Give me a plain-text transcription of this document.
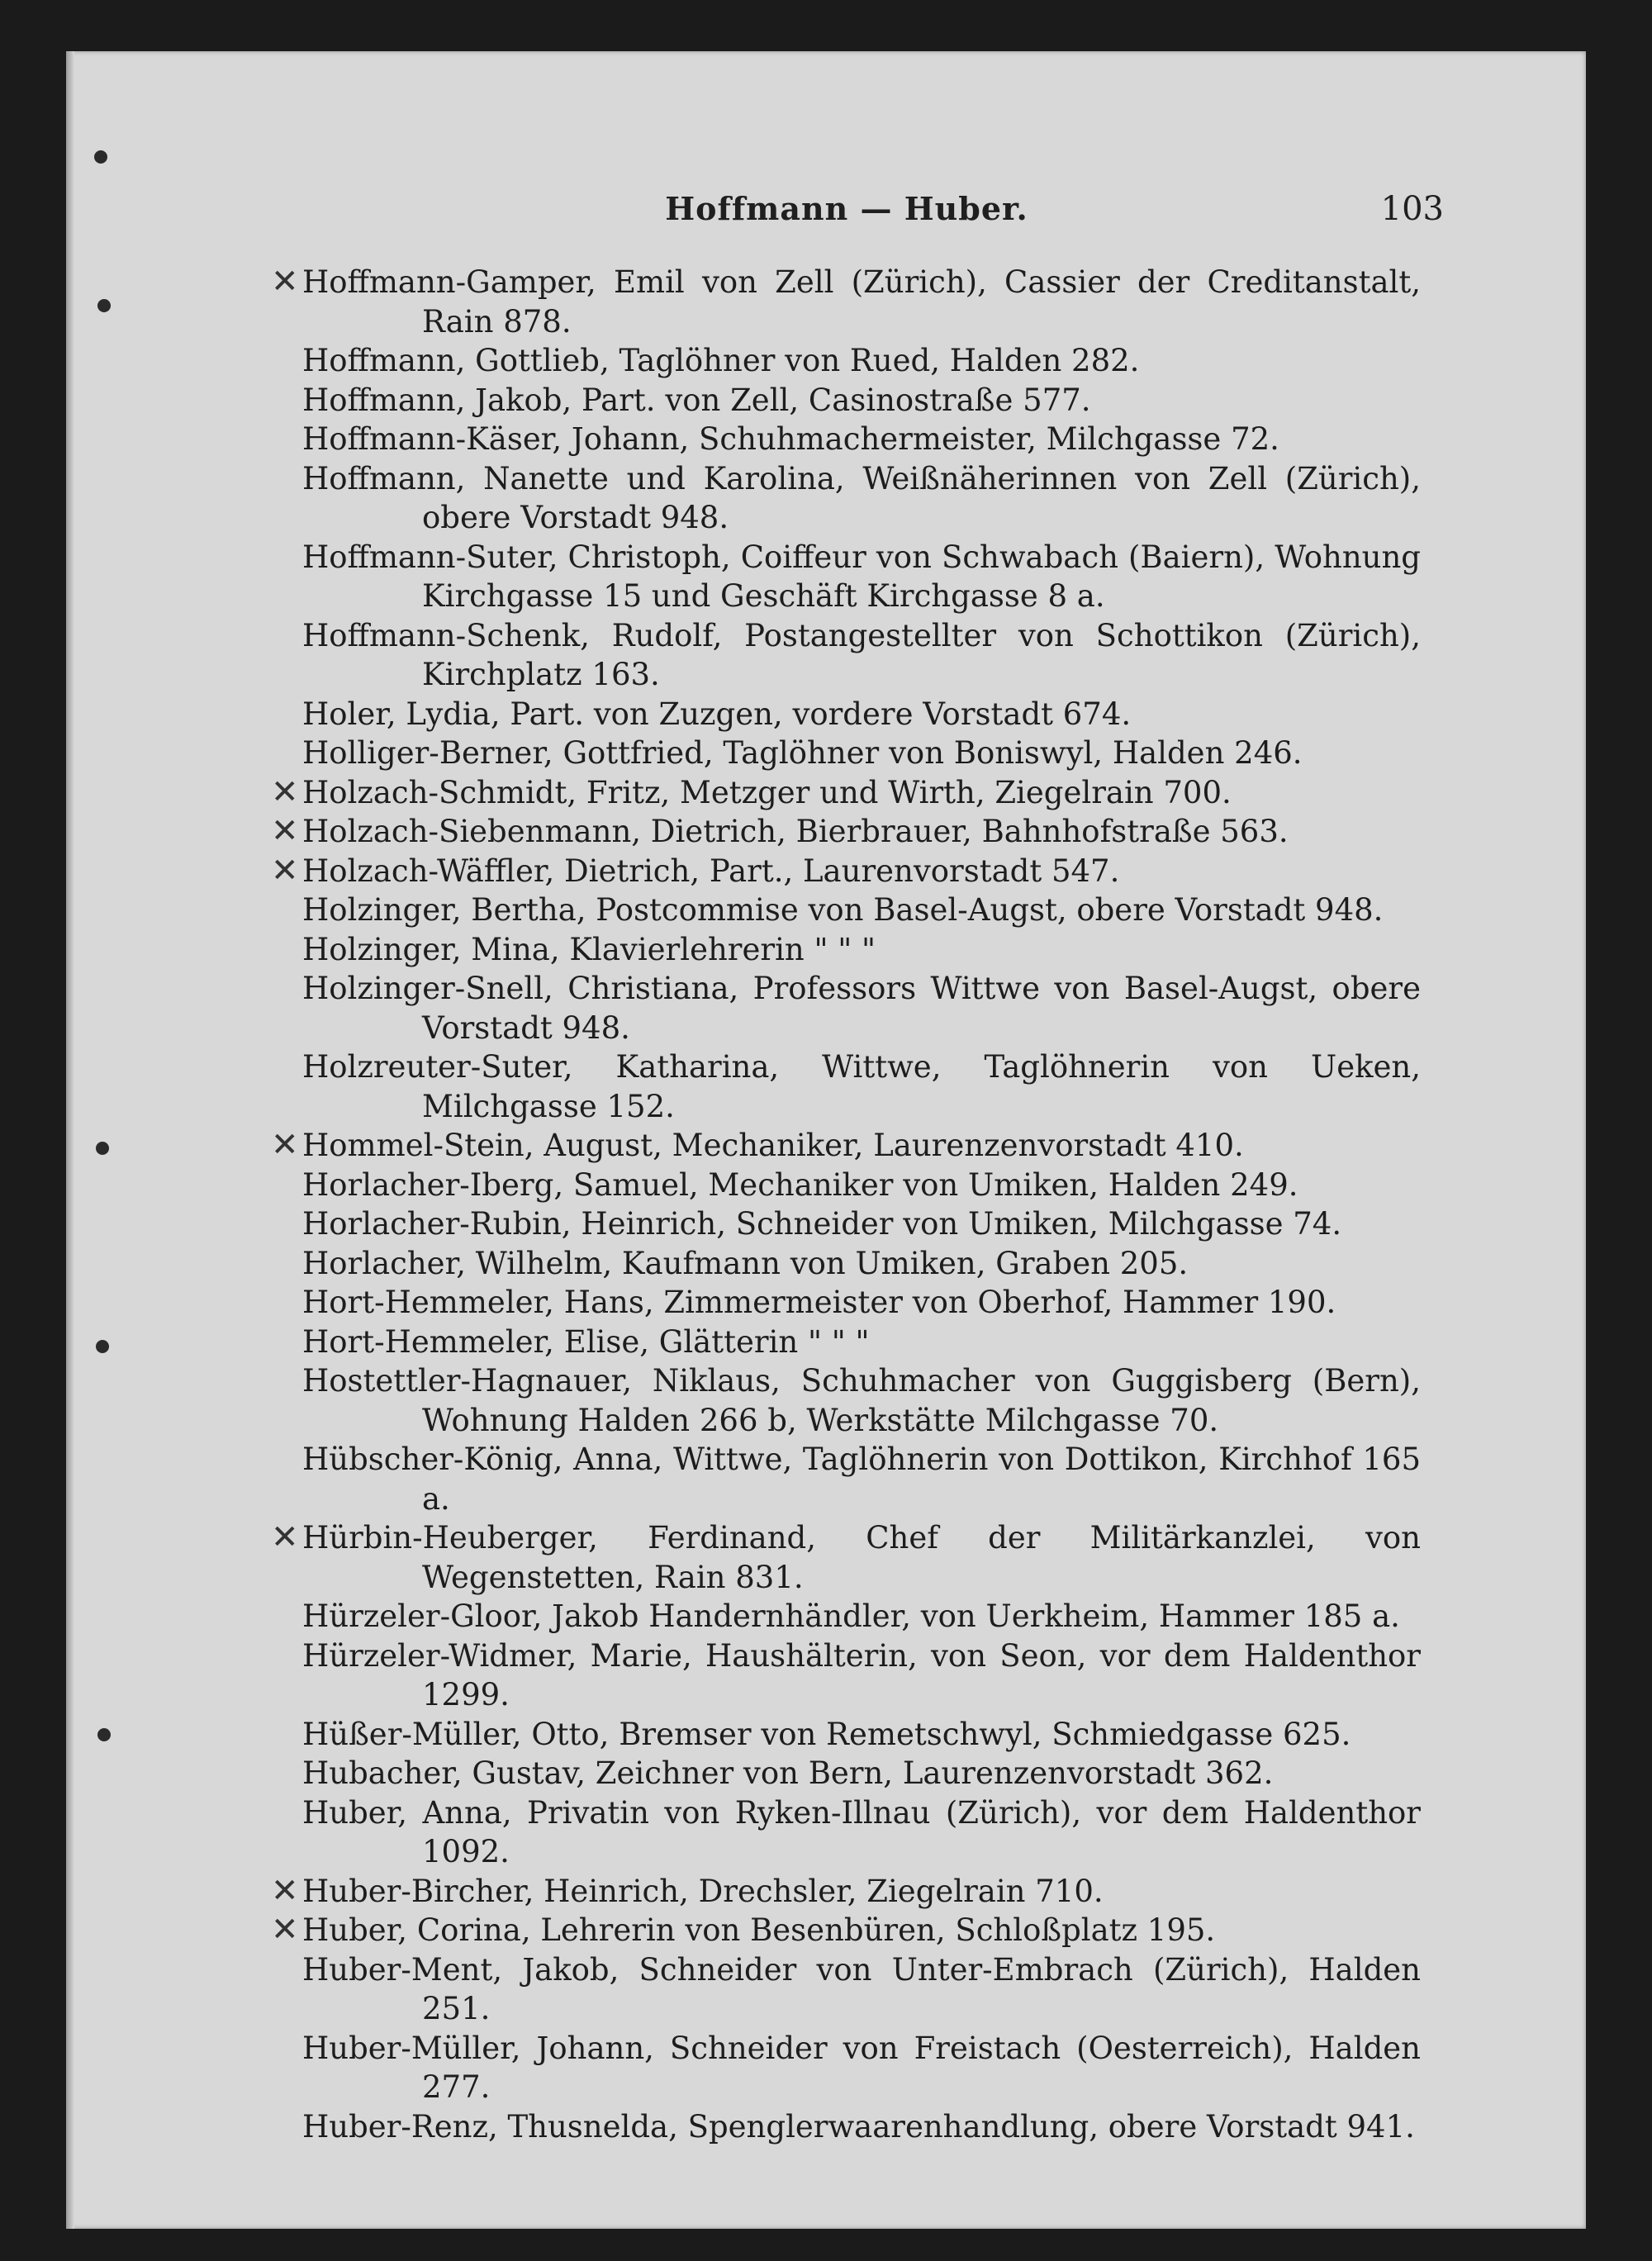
Hoffmann — Huber.	103

✕ Hoffmann-Gamper, Emil von Zell (Zürich), Cassier der Creditanstalt, Rain 878.

Hoffmann, Gottlieb, Taglöhner von Rued, Halden 282.

Hoffmann, Jakob, Part. von Zell, Casinostraße 577.

Hoffmann-Käser, Johann, Schuhmachermeister, Milchgasse 72.

Hoffmann, Nanette und Karolina, Weißnäherinnen von Zell (Zürich), obere Vorstadt 948.

Hoffmann-Suter, Christoph, Coiffeur von Schwabach (Baiern), Wohnung Kirchgasse 15 und Geschäft Kirchgasse 8 a.

Hoffmann-Schenk, Rudolf, Postangestellter von Schottikon (Zürich), Kirchplatz 163.

Holer, Lydia, Part. von Zuzgen, vordere Vorstadt 674.

Holliger-Berner, Gottfried, Taglöhner von Boniswyl, Halden 246.

✕ Holzach-Schmidt, Fritz, Metzger und Wirth, Ziegelrain 700.

✕ Holzach-Siebenmann, Dietrich, Bierbrauer, Bahnhofstraße 563.

✕ Holzach-Wäffler, Dietrich, Part., Laurenvorstadt 547.

Holzinger, Bertha, Postcommise von Basel-Augst, obere Vorstadt 948.

Holzinger, Mina, Klavierlehrerin " " "

Holzinger-Snell, Christiana, Professors Wittwe von Basel-Augst, obere Vorstadt 948.

Holzreuter-Suter, Katharina, Wittwe, Taglöhnerin von Ueken, Milchgasse 152.

✕ Hommel-Stein, August, Mechaniker, Laurenzenvorstadt 410.

Horlacher-Iberg, Samuel, Mechaniker von Umiken, Halden 249.

Horlacher-Rubin, Heinrich, Schneider von Umiken, Milchgasse 74.

Horlacher, Wilhelm, Kaufmann von Umiken, Graben 205.

Hort-Hemmeler, Hans, Zimmermeister von Oberhof, Hammer 190.

Hort-Hemmeler, Elise, Glätterin " " "

Hostettler-Hagnauer, Niklaus, Schuhmacher von Guggisberg (Bern), Wohnung Halden 266 b, Werkstätte Milchgasse 70.

Hübscher-König, Anna, Wittwe, Taglöhnerin von Dottikon, Kirchhof 165 a.

✕ Hürbin-Heuberger, Ferdinand, Chef der Militärkanzlei, von Wegenstetten, Rain 831.

Hürzeler-Gloor, Jakob Handernhändler, von Uerkheim, Hammer 185 a.

Hürzeler-Widmer, Marie, Haushälterin, von Seon, vor dem Haldenthor 1299.

Hüßer-Müller, Otto, Bremser von Remetschwyl, Schmiedgasse 625.

Hubacher, Gustav, Zeichner von Bern, Laurenzenvorstadt 362.

Huber, Anna, Privatin von Ryken-Illnau (Zürich), vor dem Haldenthor 1092.

✕ Huber-Bircher, Heinrich, Drechsler, Ziegelrain 710.

✕ Huber, Corina, Lehrerin von Besenbüren, Schloßplatz 195.

Huber-Ment, Jakob, Schneider von Unter-Embrach (Zürich), Halden 251.

Huber-Müller, Johann, Schneider von Freistach (Oesterreich), Halden 277.

Huber-Renz, Thusnelda, Spenglerwaarenhandlung, obere Vorstadt 941.
